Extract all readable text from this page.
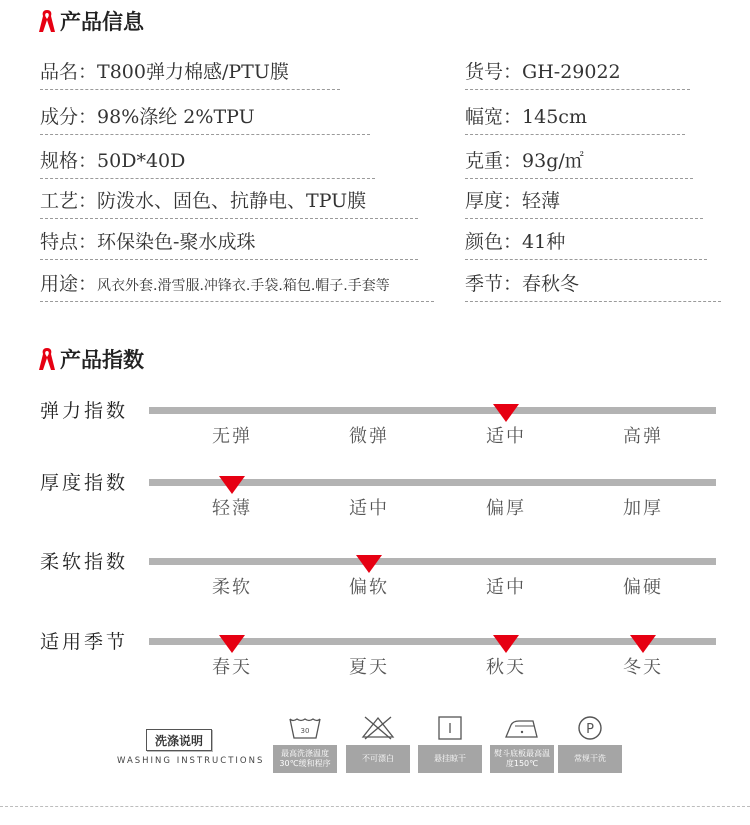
产品信息
品名：T800弹力棉感/PTU膜
成分：98%涤纶 2%TPU
规格：50D*40D
工艺：防泼水、固色、抗静电、TPU膜
特点：环保染色-聚水成珠
用途：风衣外套.滑雪服.冲锋衣.手袋.箱包.帽子.手套等
货号：GH-29022
幅宽：145cm
克重：93g/㎡
厚度：轻薄
颜色：41种
季节：春秋冬
产品指数
弹力指数
无弹	微弹	适中	高弹
厚度指数
轻薄	适中	偏厚	加厚
柔软指数
柔软	偏软	适中	偏硬
适用季节
春天	夏天	秋天	冬天
洗涤说明
WASHING INSTRUCTIONS
30
最高洗涤温度30℃缓和程序
不可漂白	悬挂晾干
熨斗底板最高温度150℃
P
常规干洗
